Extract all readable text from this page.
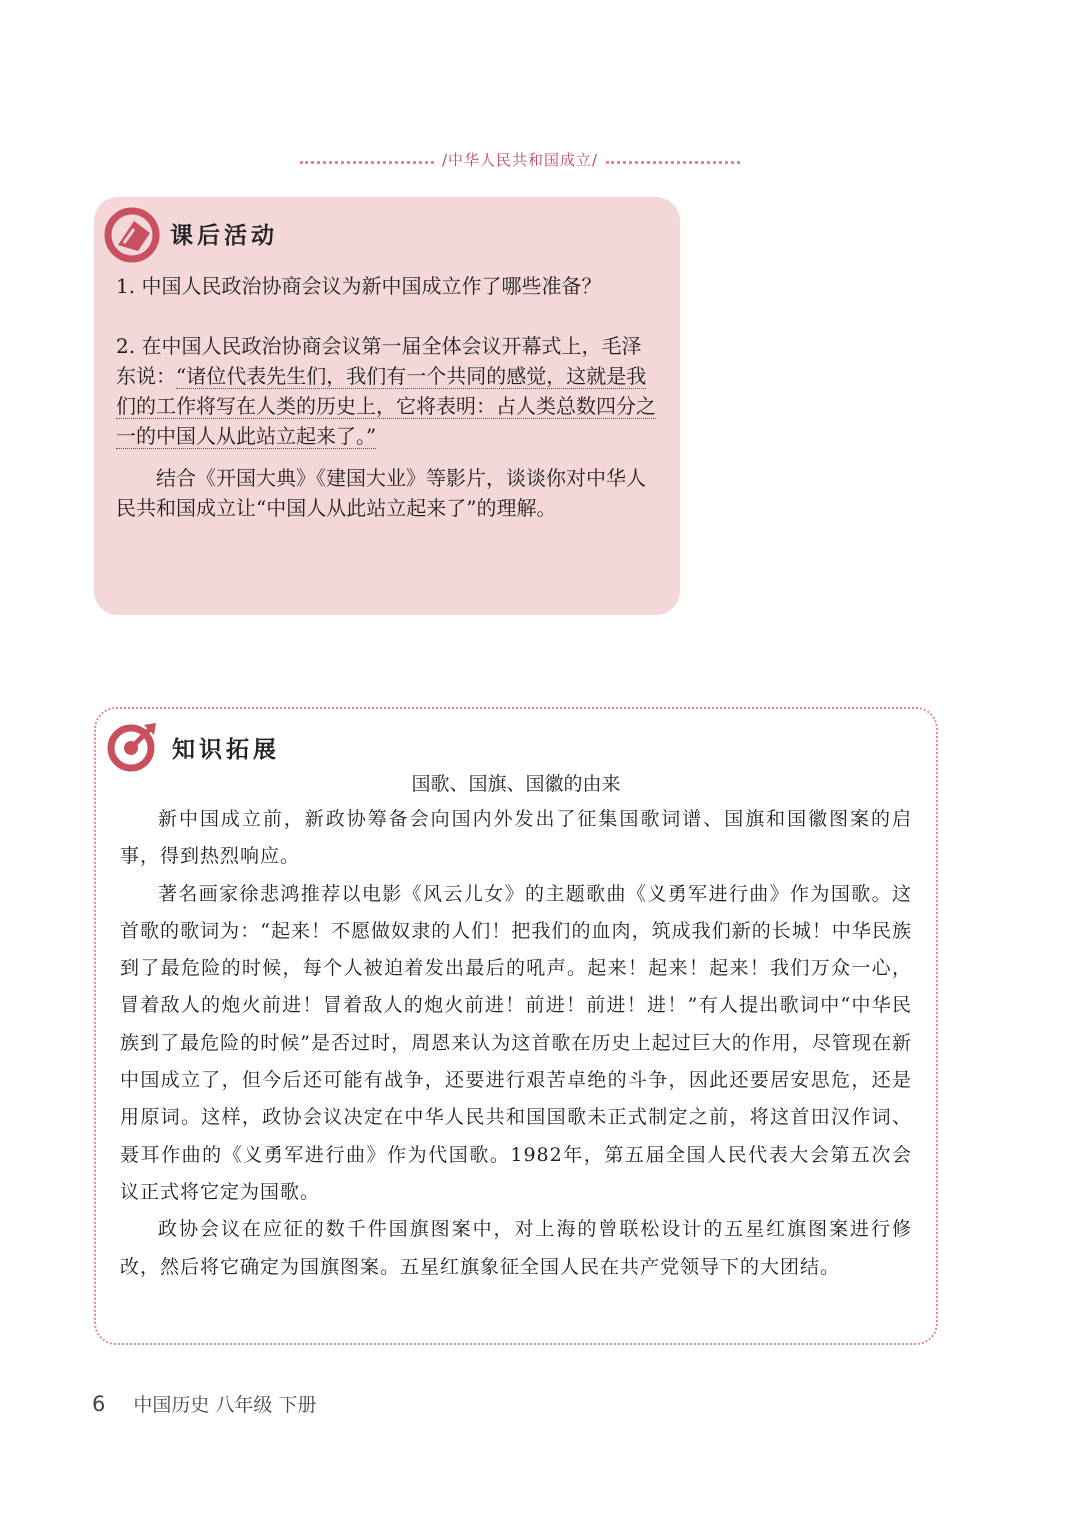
/中华人民共和国成立/
课后活动
1. 中国人民政治协商会议为新中国成立作了哪些准备？
2. 在中国人民政治协商会议第一届全体会议开幕式上，毛泽东说：“诸位代表先生们，我们有一个共同的感觉，这就是我们的工作将写在人类的历史上，它将表明：占人类总数四分之一的中国人从此站立起来了。”
结合《开国大典》《建国大业》等影片，谈谈你对中华人民共和国成立让“中国人从此站立起来了”的理解。
知识拓展
国歌、国旗、国徽的由来

新中国成立前，新政协筹备会向国内外发出了征集国歌词谱、国旗和国徽图案的启事，得到热烈响应。

著名画家徐悲鸿推荐以电影《风云儿女》的主题歌曲《义勇军进行曲》作为国歌。这首歌的歌词为：“起来！不愿做奴隶的人们！把我们的血肉，筑成我们新的长城！中华民族到了最危险的时候，每个人被迫着发出最后的吼声。起来！起来！起来！我们万众一心，冒着敌人的炮火前进！冒着敌人的炮火前进！前进！前进！进！”有人提出歌词中“中华民族到了最危险的时候”是否过时，周恩来认为这首歌在历史上起过巨大的作用，尽管现在新中国成立了，但今后还可能有战争，还要进行艰苦卓绝的斗争，因此还要居安思危，还是用原词。这样，政协会议决定在中华人民共和国国歌未正式制定之前，将这首田汉作词、聂耳作曲的《义勇军进行曲》作为代国歌。1982年，第五届全国人民代表大会第五次会议正式将它定为国歌。

政协会议在应征的数千件国旗图案中，对上海的曾联松设计的五星红旗图案进行修改，然后将它确定为国旗图案。五星红旗象征全国人民在共产党领导下的大团结。

6 中国历史 八年级 下册
